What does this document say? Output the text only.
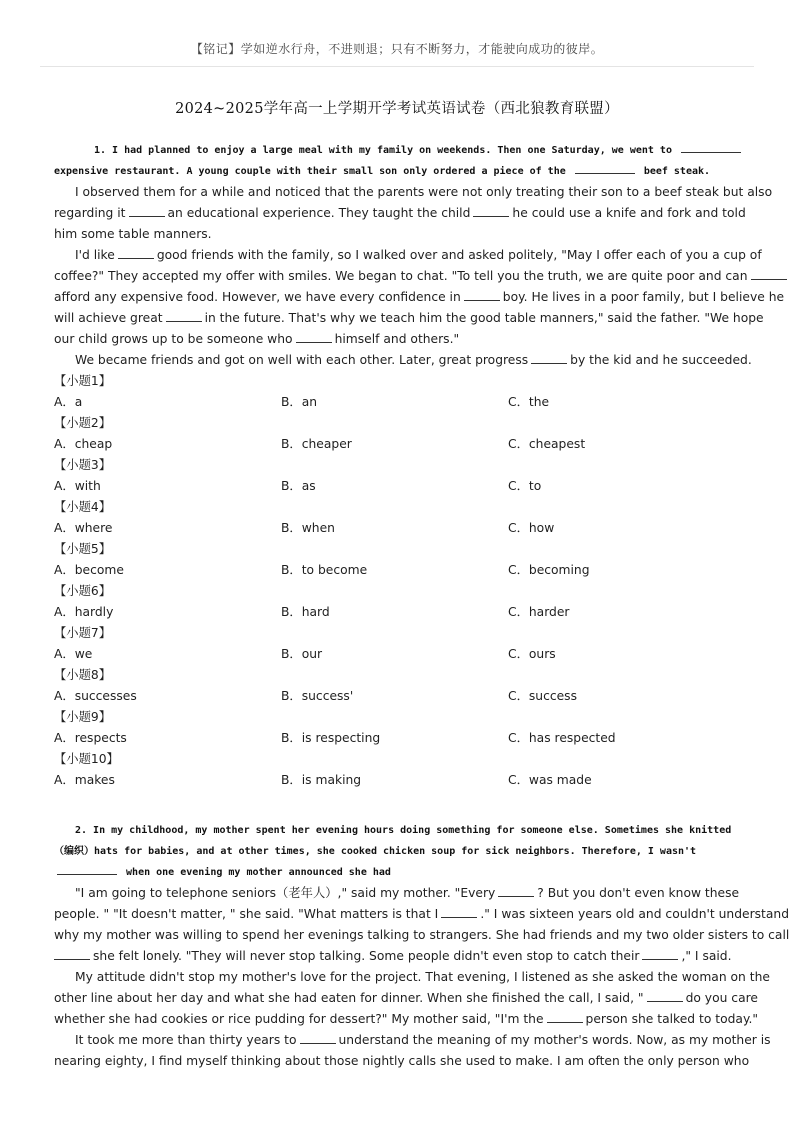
【铭记】学如逆水行舟，不进则退；只有不断努力，才能驶向成功的彼岸。
2024~2025学年高一上学期开学考试英语试卷（西北狼教育联盟）
1. I had planned to enjoy a large meal with my family on weekends. Then one Saturday, we went to
expensive restaurant. A young couple with their small son only ordered a piece of the	beef steak.
I observed them for a while and noticed that the parents were not only treating their son to a beef steak but also
regarding it	an educational experience. They taught the child	he could use a knife and fork and told
him some table manners.
I'd like	good friends with the family, so I walked over and asked politely, "May I offer each of you a cup of
coffee?" They accepted my offer with smiles. We began to chat. "To tell you the truth, we are quite poor and can
afford any expensive food. However, we have every confidence in	boy. He lives in a poor family, but I believe he
will achieve great	in the future. That's why we teach him the good table manners," said the father. "We hope
our child grows up to be someone who	himself and others."
We became friends and got on well with each other. Later, great progress	by the kid and he succeeded.
【小题1】
A．a	B．an	C．the
【小题2】
A．cheap	B．cheaper	C．cheapest
【小题3】
A．with	B．as	C．to
【小题4】
A．where	B．when	C．how
【小题5】
A．become	B．to become	C．becoming
【小题6】
A．hardly	B．hard	C．harder
【小题7】
A．we	B．our	C．ours
【小题8】
A．successes	B．success'	C．success
【小题9】
A．respects	B．is respecting	C．has respected
【小题10】
A．makes	B．is making	C．was made
2. In my childhood, my mother spent her evening hours doing something for someone else. Sometimes she knitted
（编织）hats for babies, and at other times, she cooked chicken soup for sick neighbors. Therefore, I wasn't
when one evening my mother announced she had
"I am going to telephone seniors（老年人）," said my mother. "Every	? But you don't even know these
people. " "It doesn't matter, " she said. "What matters is that I	." I was sixteen years old and couldn't understand
why my mother was willing to spend her evenings talking to strangers. She had friends and my two older sisters to call
she felt lonely. "They will never stop talking. Some people didn't even stop to catch their	," I said.
My attitude didn't stop my mother's love for the project. That evening, I listened as she asked the woman on the
other line about her day and what she had eaten for dinner. When she finished the call, I said, "	do you care
whether she had cookies or rice pudding for dessert?" My mother said, "I'm the	person she talked to today."
It took me more than thirty years to	understand the meaning of my mother's words. Now, as my mother is
nearing eighty, I find myself thinking about those nightly calls she used to make. I am often the only person who
